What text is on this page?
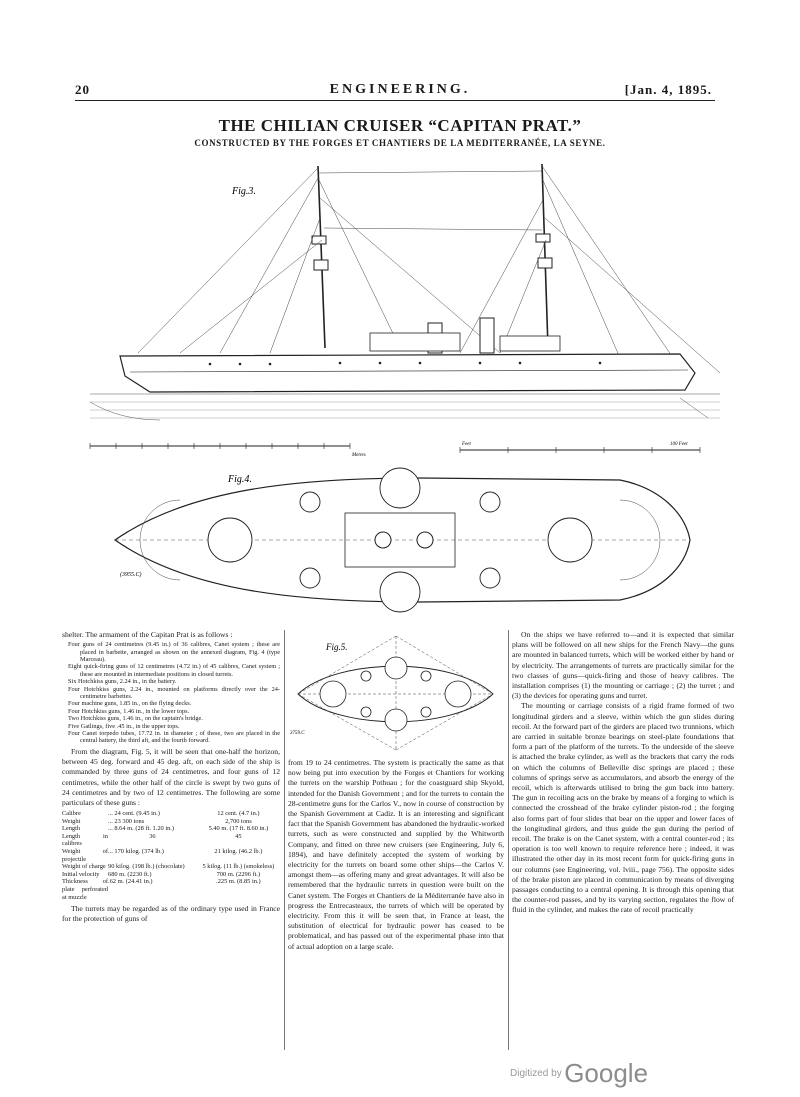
20	ENGINEERING.	[Jan. 4, 1895.
THE CHILIAN CRUISER “CAPITAN PRAT.”
CONSTRUCTED BY THE FORGES ET CHANTIERS DE LA MEDITERRANÉE, LA SEYNE.
Fig.3.
Metres
Feet	100 Feet
Fig.4.
(3955.C)

shelter. The armament of the Capitan Prat is as follows :

Four guns of 24 centimetres (9.45 in.) of 36 calibres, Canet system ; these are placed in barbette, arranged as shown on the annexed diagram, Fig. 4 (type Marceau).
Eight quick-firing guns of 12 centimetres (4.72 in.) of 45 calibres, Canet system ; these are mounted in intermediate positions in closed turrets.
Six Hotchkiss guns, 2.24 in., in the battery.
Four Hotchkiss guns, 2.24 in., mounted on platforms directly over the 24-centimetre barbettes.
Four machine guns, 1.85 in., on the flying decks.
Four Hotchkiss guns, 1.46 in., in the lower tops.
Two Hotchkiss guns, 1.46 in., on the captain's bridge.
Five Gatlings, five .45 in., in the upper tops.
Four Canet torpedo tubes, 17.72 in. in diameter ; of these, two are placed in the central battery, the third aft, and the fourth forward.

From the diagram, Fig. 5, it will be seen that one-half the horizon, between 45 deg. forward and 45 deg. aft, on each side of the ship is commanded by three guns of 24 centimetres, and four guns of 12 centimetres, while the other half of the circle is swept by two guns of 24 centimetres and by two of 12 centimetres. The following are some particulars of these guns :

Calibre	... 24 cent. (9.45 in.)	12 cent. (4.7 in.)
Weight	... 23 300 tons	2,700 tons
Length	... 8.64 m. (28 ft. 1.20 in.)	5.40 m. (17 ft. 8.60 in.)
Length in calibres	36	45
Weight of projectile	... 170 kilog. (374 lb.)	21 kilog. (46.2 lb.)
Weight of charge	90 kilog. (198 lb.) (chocolate)	5 kilog. (11 lb.) (smokeless)
Initial velocity	680 m. (2230 ft.)	700 m. (2296 ft.)
Thickness of plate perforated at muzzle	.62 m. (24.41 in.)	.225 m. (8.85 in.)

The turrets may be regarded as of the ordinary type used in France for the protection of guns of

Fig.5.
3759.C

from 19 to 24 centimetres. The system is practically the same as that now being put into execution by the Forges et Chantiers for working the turrets on the warship Pothuau ; for the coastguard ship Skyold, intended for the Danish Government ; and for the turrets to contain the 28-centimetre guns for the Carlos V., now in course of construction by the Spanish Government at Cadiz. It is an interesting and significant fact that the Spanish Government has abandoned the hydraulic-worked turrets, such as were constructed and supplied by the Whitworth Company, and fitted on three new cruisers (see Engineering, July 6, 1894), and have definitely accepted the system of working by electricity for the turrets on board some other ships—the Carlos V. amongst them—as offering many and great advantages. It will also be remembered that the hydraulic turrets in question were built on the Canet system. The Forges et Chantiers de la Méditerranée have also in progress the Entrecasteaux, the turrets of which will be operated by electricity. From this it will be seen that, in France at least, the substitution of electrical for hydraulic power has ceased to be problematical, and has passed out of the experimental phase into that of actual adoption on a large scale.

On the ships we have referred to—and it is expected that similar plans will be followed on all new ships for the French Navy—the guns are mounted in balanced turrets, which will be worked either by hand or by electricity. The arrangements of turrets are practically similar for the two classes of guns—quick-firing and those of heavy calibres. The installation comprises (1) the mounting or carriage ; (2) the turret ; and (3) the devices for operating guns and turret.

The mounting or carriage consists of a rigid frame formed of two longitudinal girders and a sleeve, within which the gun slides during recoil. At the forward part of the girders are placed two trunnions, which are carried in suitable bronze bearings on steel-plate foundations that form a part of the platform of the turrets. To the underside of the sleeve is attached the brake cylinder, as well as the brackets that carry the rods on which the columns of Belleville disc springs are placed ; these columns of springs serve as accumulators, and absorb the energy of the recoil, which is afterwards utilised to bring the gun back into battery. The gun in recoiling acts on the brake by means of a forging to which is connected the crosshead of the brake cylinder piston-rod ; the forging also forms part of four slides that bear on the upper and lower faces of the longitudinal girders, and thus guide the gun during the period of recoil. The brake is on the Canet system, with a central counter-rod ; its operation is too well known to require reference here ; indeed, it was illustrated the other day in its most recent form for quick-firing guns in our columns (see Engineering, vol. lviii., page 756). The opposite sides of the brake piston are placed in communication by means of diverging passages conducting to a central opening. It is through this opening that the counter-rod passes, and by its varying section, regulates the flow of fluid in the cylinder, and makes the rate of recoil practically

Digitized by Google
